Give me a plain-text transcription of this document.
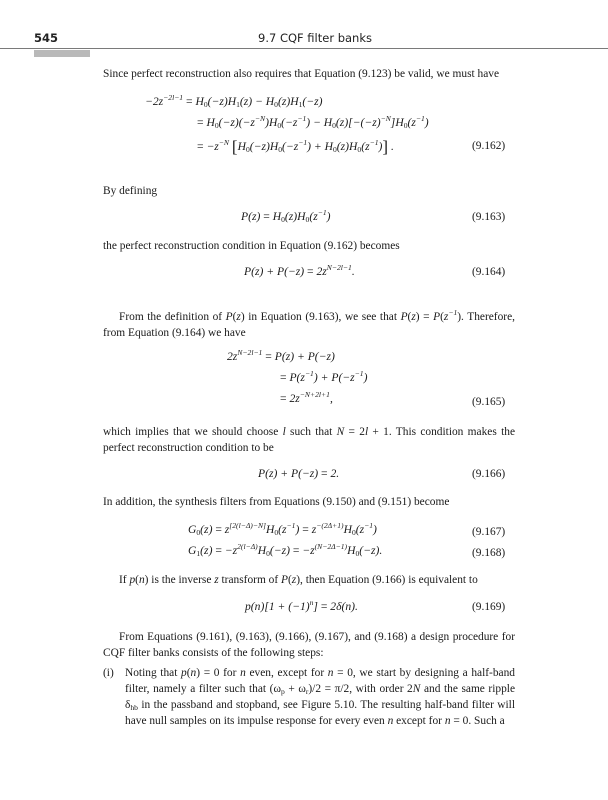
545	9.7 CQF filter banks
Since perfect reconstruction also requires that Equation (9.123) be valid, we must have
$-2z^{-2l-1} = H_0(-z)H_1(z) - H_0(z)H_1(-z)$
= $H_0(-z)(-z^{-N})H_0(-z^{-1}) - H_0(z)[-(-z)^{-N}]H_0(z^{-1})$
= $-z^{-N}$ $[H_0(-z)H_0(-z^{-1}) + H_0(z)H_0(z^{-1})]$ .	(9.162)
By defining
$P(z) = H_0(z)H_0(z^{-1})$	(9.163)
the perfect reconstruction condition in Equation (9.162) becomes
$P(z) + P(-z) = 2z^{N-2l-1}$.	(9.164)
From the definition of P(z) in Equation (9.163), we see that $P(z) = P(z^{-1})$. Therefore, from Equation (9.164) we have
$2z^{N-2l-1} = P(z) + P(-z)$
= $P(z^{-1}) + P(-z^{-1})$
= $2z^{-N+2l+1}$,	(9.165)
which implies that we should choose l such that N = 2l + 1. This condition makes the perfect reconstruction condition to be
P(z) + P(−z) = 2.	(9.166)
In addition, the synthesis filters from Equations (9.150) and (9.151) become
$G_0(z) = z[2(l-\Delta)-N]H_0(z^{-1}) = z^{-(2\Delta+1)}H_0(z^{-1})$	(9.167)
$G_1(z) = -z^{2(l-\Delta)}H_0(-z) = -z^{(N-2\Delta-1)}H_0(-z)$.	(9.168)
If p(n) is the inverse z transform of P(z), then Equation (9.166) is equivalent to
$p(n)[1 + (-1)^n] = 2\delta(n)$.	(9.169)
From Equations (9.161), (9.163), (9.166), (9.167), and (9.168) a design procedure for CQF filter banks consists of the following steps:
(i) Noting that p(n) = 0 for n even, except for n = 0, we start by designing a half-band filter, namely a filter such that $(\omega_p + \omega_r)/2 = \pi/2$, with order 2N and the same ripple $\delta_{hb}$ in the passband and stopband, see Figure 5.10. The resulting half-band filter will have null samples on its impulse response for every even n except for n = 0. Such a
